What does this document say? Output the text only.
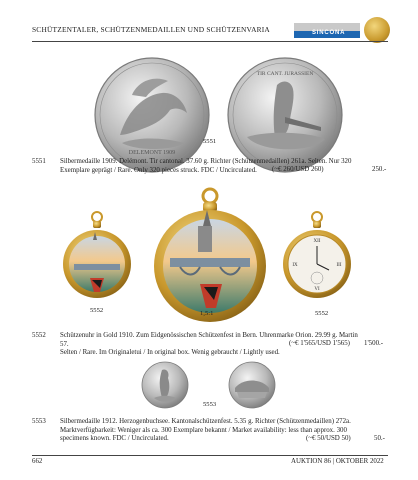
SCHÜTZENTALER, SCHÜTZENMEDAILLEN UND SCHÜTZENVARIA	SINCONA
DELEMONT 1909
TIR CANT. JURASSIEN
5551
5551 Silbermedaille 1909. Delémont. Tir cantonal. 37.60 g. Richter (Schützenmedaillen) 261a. Selten. Nur 320
Exemplare geprägt / Rare. Only 320 pieces struck. FDC / Uncirculated.	(~€ 260/USD 260)	250.-
XII
III
VI
IX
5552	1,5:1	5552
5552 Schützenuhr in Gold 1910. Zum Eidgenössischen Schützenfest in Bern. Uhrenmarke Orion. 29.99 g. Martin 57.
Selten / Rare. Im Originaletui / In original box. Wenig gebraucht / Lightly used.
(~€ 1'565/USD 1'565) 1'500.-
5553
5553 Silbermedaille 1912. Herzogenbuchsee. Kantonalschützenfest. 5.35 g. Richter (Schützenmedaillen) 272a.
Marktverfügbarkeit: Weniger als ca. 300 Exemplare bekannt / Market availability: less than approx. 300
specimens known. FDC / Uncirculated.	(~€ 50/USD 50)	50.-
662	AUKTION 86 | OKTOBER 2022
